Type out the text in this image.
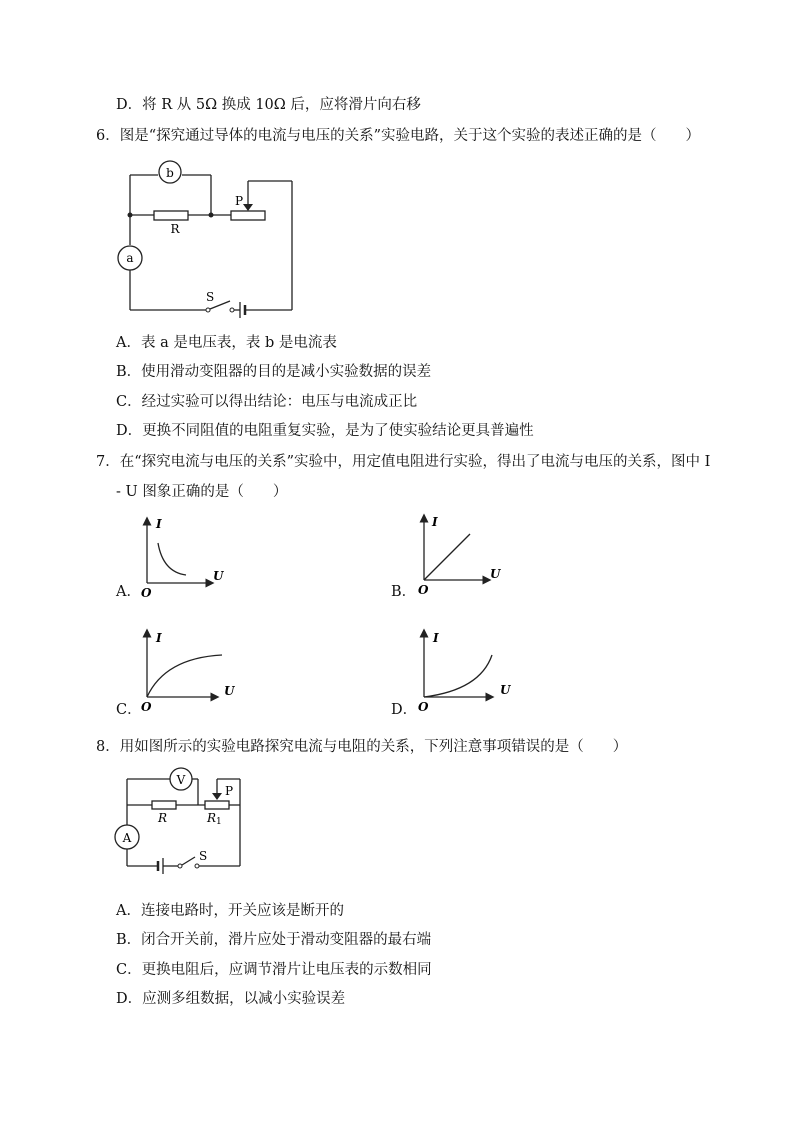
D．将 R 从 5Ω 换成 10Ω 后，应将滑片向右移
6．图是“探究通过导体的电流与电压的关系”实验电路，关于这个实验的表述正确的是（　　）
b
R
P
a
S
A．表 a 是电压表，表 b 是电流表
B．使用滑动变阻器的目的是减小实验数据的误差
C．经过实验可以得出结论：电压与电流成正比
D．更换不同阻值的电阻重复实验，是为了使实验结论更具普遍性
7．在“探究电流与电压的关系”实验中，用定值电阻进行实验，得出了电流与电压的关系，图中 I
- U 图象正确的是（　　）
I
U
O
I
U
O
I
U
O
I
U
O
A．	B．
C．	D．
8．用如图所示的实验电路探究电流与电阻的关系，下列注意事项错误的是（　　）
V
R	R1
P
A
S
A．连接电路时，开关应该是断开的
B．闭合开关前，滑片应处于滑动变阻器的最右端
C．更换电阻后，应调节滑片让电压表的示数相同
D．应测多组数据，以减小实验误差
